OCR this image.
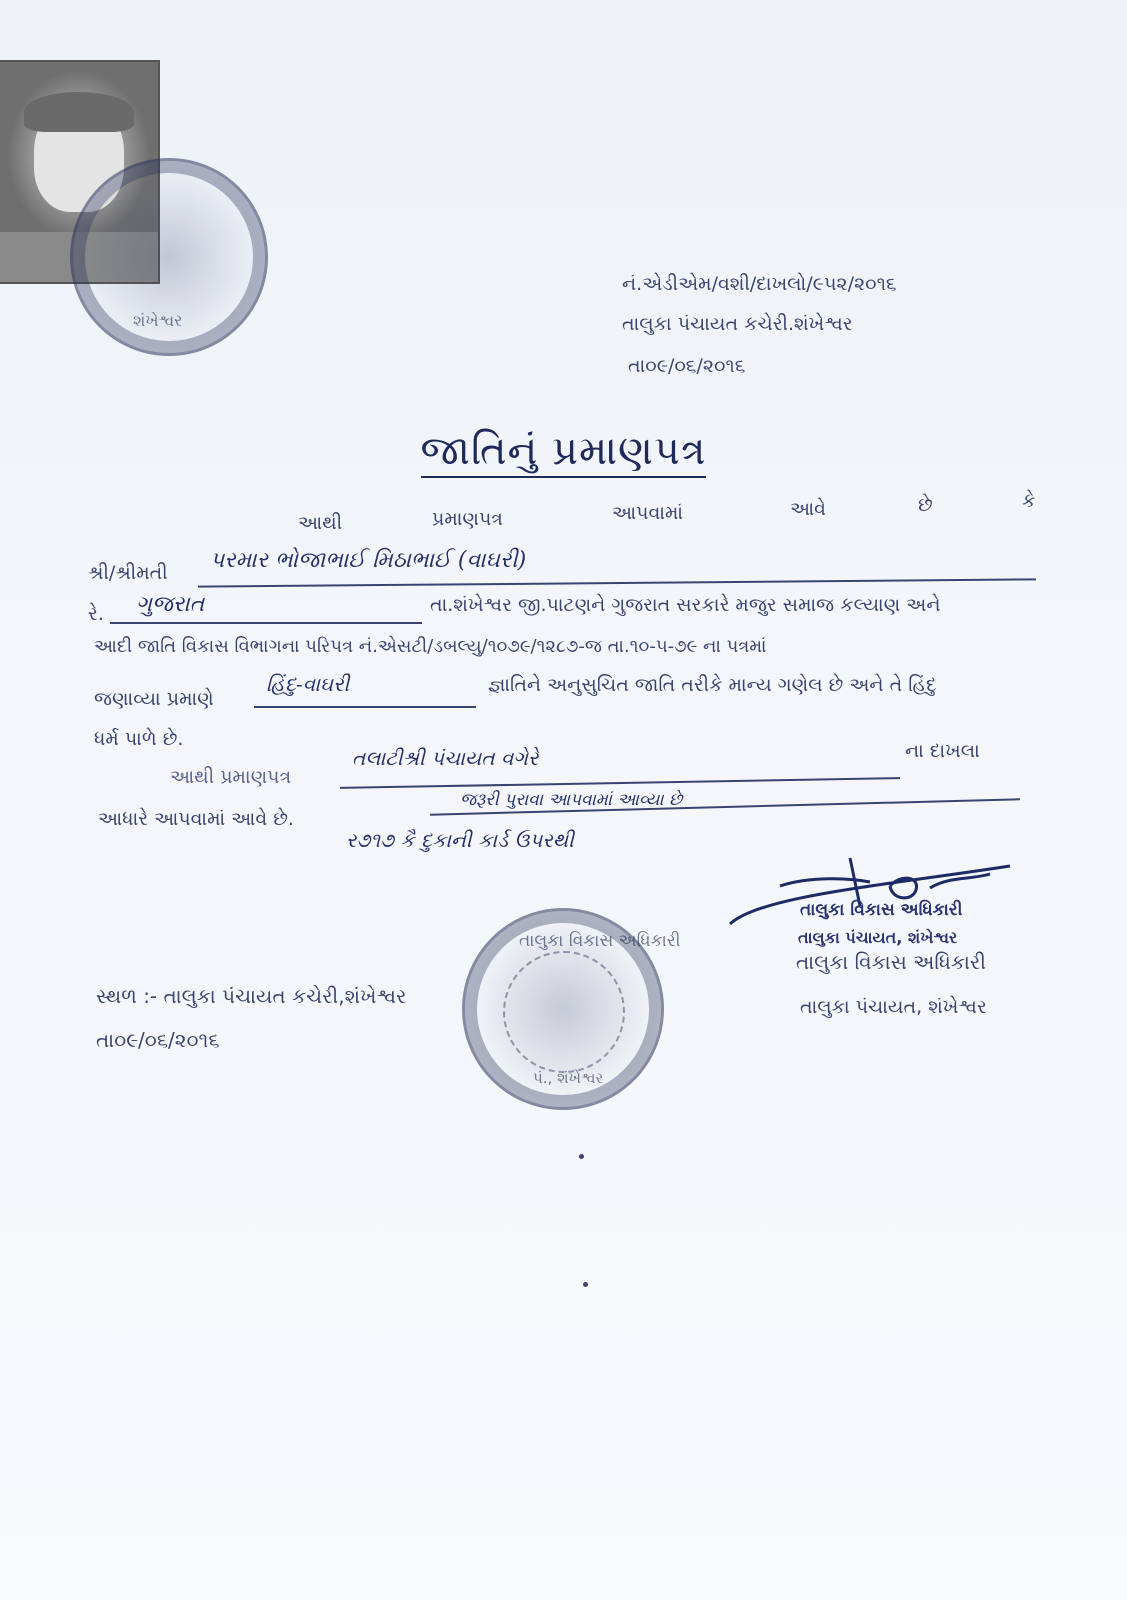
શંખેશ્વર
નં.એડીએમ/વશી/દાખલો/૯૫૨/૨૦૧૬
તાલુકા પંચાયત કચેરી.શંખેશ્વર
તા૦૯/૦૬/૨૦૧૬
જાતિનું પ્રમાણપત્ર
આથી	પ્રમાણપત્ર	આપવામાં	આવે	છે	કે
શ્રી/શ્રીમતી પરમાર ભોજાભાઈ મિઠાભાઈ (વાઘરી)
રે. ગુજરાત	તા.શંખેશ્વર જી.પાટણને ગુજરાત સરકારે મજુર સમાજ કલ્યાણ અને
આદી જાતિ વિકાસ વિભાગના પરિપત્ર નં.એસટી/ડબલ્યુ/૧૦૭૯/૧૨૮૭-જ તા.૧૦-૫-૭૯ ના પત્રમાં
જણાવ્યા પ્રમાણે
હિંદુ-વાઘરી	જ્ઞાતિને અનુસુચિત જાતિ તરીકે માન્ય ગણેલ છે અને તે હિંદુ
ધર્મ પાળે છે.
આથી પ્રમાણપત્ર
તલાટીશ્રી પંચાયત વગેરે	ના દાખલા
આધારે આપવામાં આવે છે.
જરૂરી પુરાવા આપવામાં આવ્યા છે
ર૭૧૭ કૈ દુકાની કાર્ડ ઉપરથી
તાલુકા વિકાસ અધિકારી
તાલુકા પંચાયત, શંખેશ્વર
તાલુકા વિકાસ અધિકારી
તાલુકા પંચાયત, શંખેશ્વર
તાલુકા વિકાસ અધિકારી
પં., શંખેશ્વર
સ્થળ :- તાલુકા પંચાયત કચેરી,શંખેશ્વર
તા૦૯/૦૬/૨૦૧૬
